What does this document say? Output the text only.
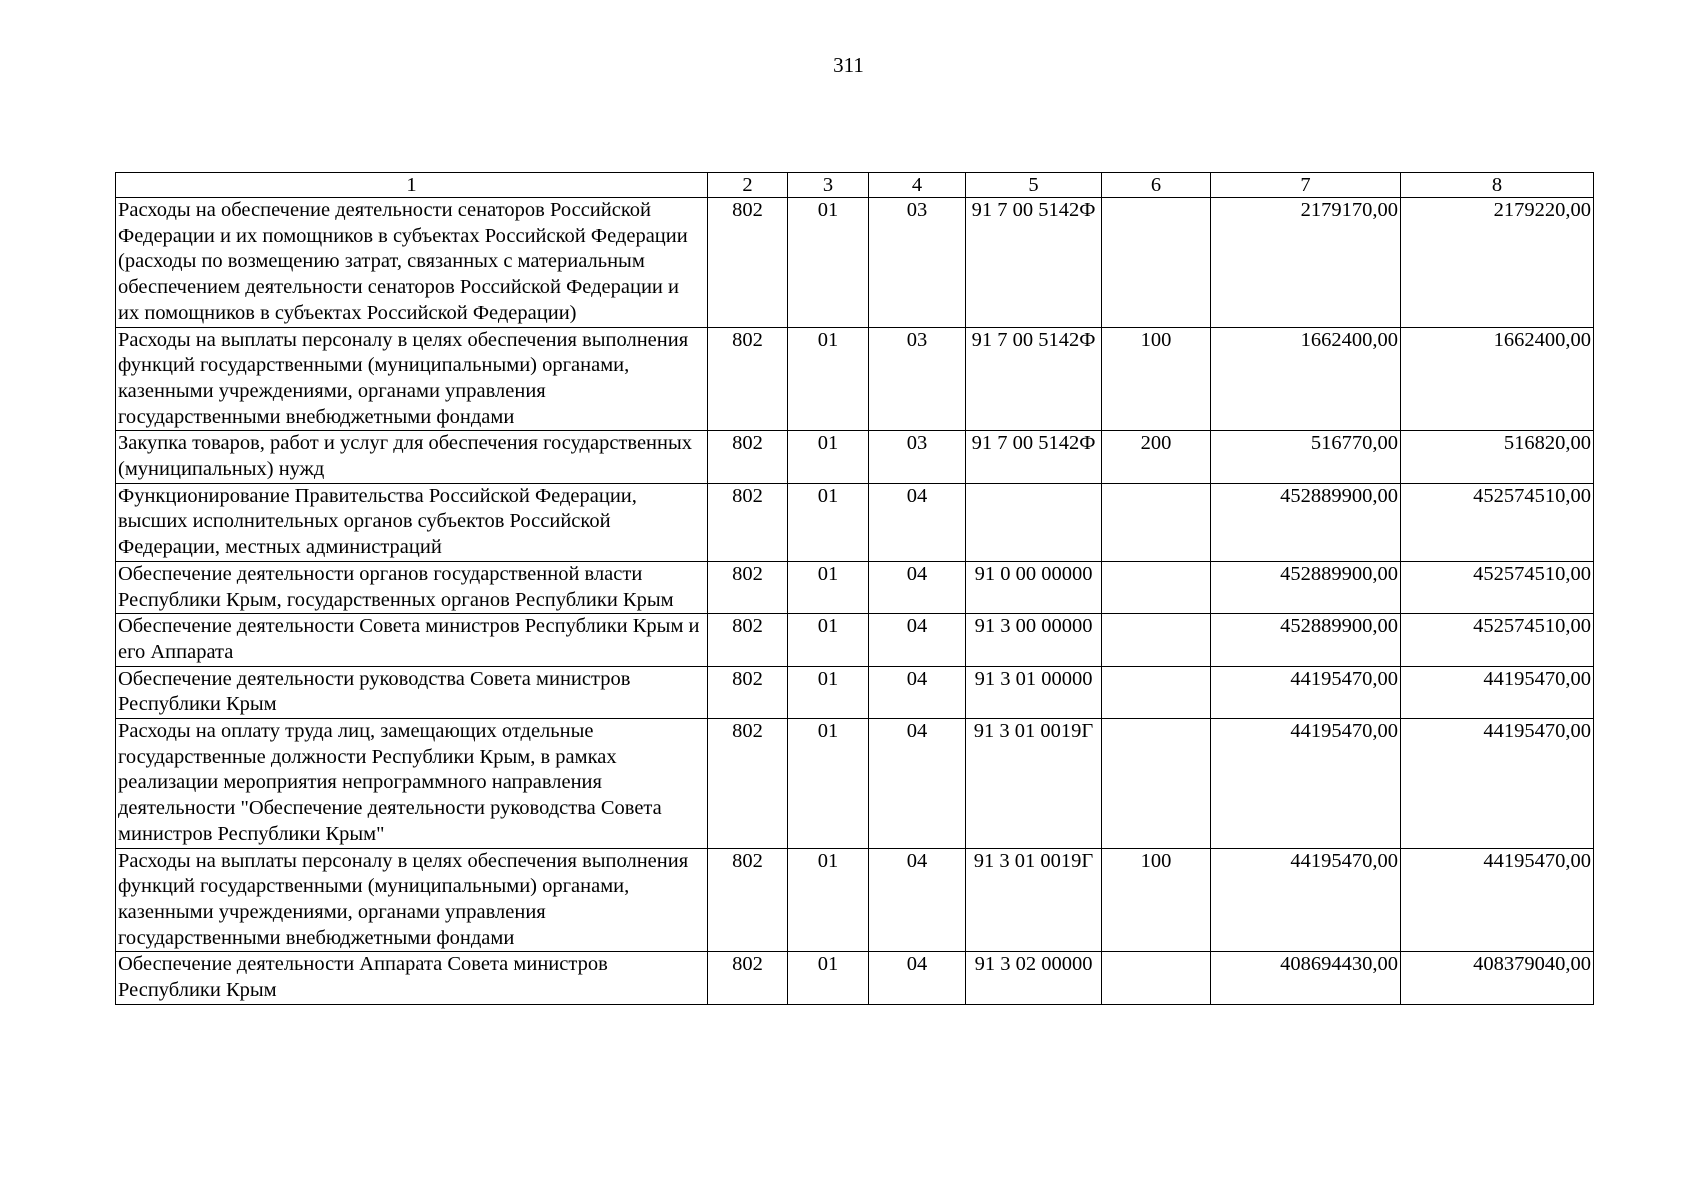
311
1	2	3	4	5	6	7	8
Расходы на обеспечение деятельности сенаторов Российской Федерации и их помощников в субъектах Российской Федерации (расходы по возмещению затрат, связанных с материальным обеспечением деятельности сенаторов Российской Федерации и их помощников в субъектах Российской Федерации)	802	01	03	91 7 00 5142Ф		2179170,00	2179220,00
Расходы на выплаты персоналу в целях обеспечения выполнения функций государственными (муниципальными) органами, казенными учреждениями, органами управления государственными внебюджетными фондами	802	01	03	91 7 00 5142Ф	100	1662400,00	1662400,00
Закупка товаров, работ и услуг для обеспечения государственных (муниципальных) нужд	802	01	03	91 7 00 5142Ф	200	516770,00	516820,00
Функционирование Правительства Российской Федерации, высших исполнительных органов субъектов Российской Федерации, местных администраций	802	01	04			452889900,00	452574510,00
Обеспечение деятельности органов государственной власти Республики Крым, государственных органов Республики Крым	802	01	04	91 0 00 00000		452889900,00	452574510,00
Обеспечение деятельности Совета министров Республики Крым и его Аппарата	802	01	04	91 3 00 00000		452889900,00	452574510,00
Обеспечение деятельности руководства Совета министров Республики Крым	802	01	04	91 3 01 00000		44195470,00	44195470,00
Расходы на оплату труда лиц, замещающих отдельные государственные должности Республики Крым, в рамках реализации мероприятия непрограммного направления деятельности "Обеспечение деятельности руководства Совета министров Республики Крым"	802	01	04	91 3 01 0019Г		44195470,00	44195470,00
Расходы на выплаты персоналу в целях обеспечения выполнения функций государственными (муниципальными) органами, казенными учреждениями, органами управления государственными внебюджетными фондами	802	01	04	91 3 01 0019Г	100	44195470,00	44195470,00
Обеспечение деятельности Аппарата Совета министров Республики Крым	802	01	04	91 3 02 00000		408694430,00	408379040,00
